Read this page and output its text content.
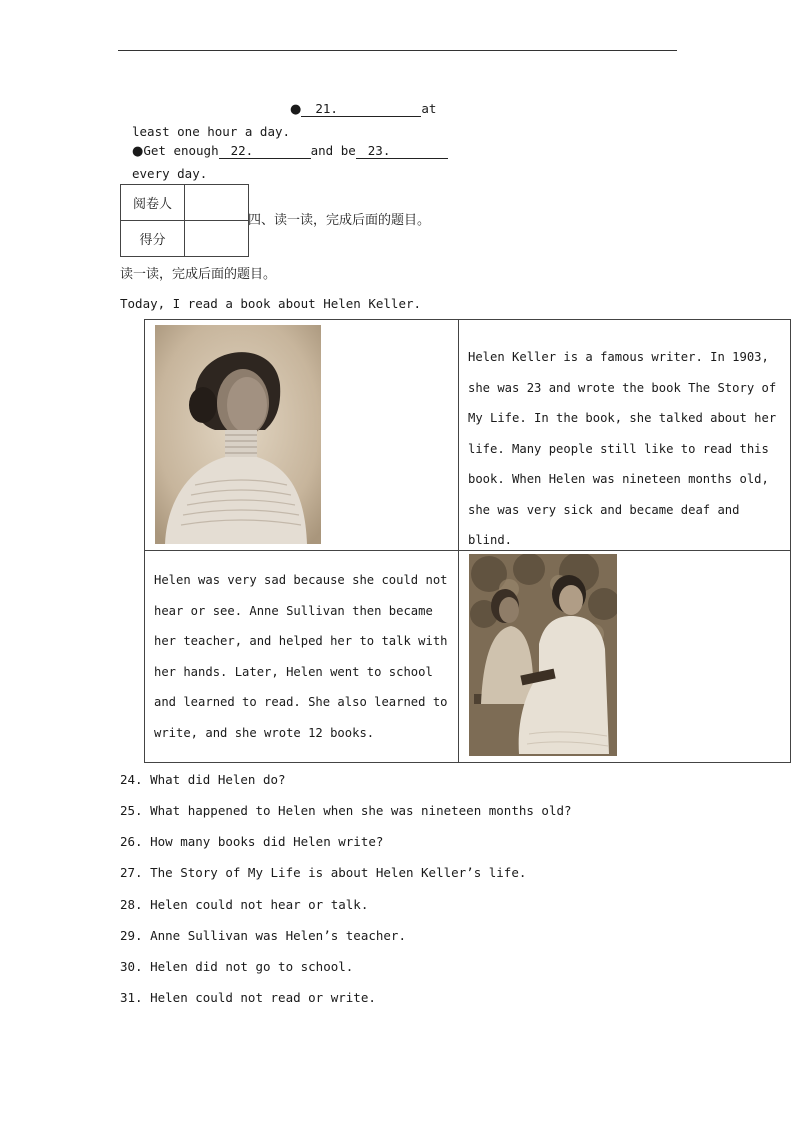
● 21.	at
least one hour a day.
●Get enough 22.	and be 23.
every day.
阅卷人	
得分	
四、读一读，完成后面的题目。
读一读，完成后面的题目。
Today, I read a book about Helen Keller.

Helen Keller is a famous writer. In 1903, she was 23 and wrote the book The Story of My Life. In the book, she talked about her life. Many people still like to read this book. When Helen was nineteen months old, she was very sick and became deaf and blind.

Helen was very sad because she could not hear or see. Anne Sullivan then became her teacher, and helped her to talk with her hands. Later, Helen went to school and learned to read. She also learned to write, and she wrote 12 books.

24. What did Helen do?
25. What happened to Helen when she was nineteen months old?
26. How many books did Helen write?
27. The Story of My Life is about Helen Keller’s life.
28. Helen could not hear or talk.
29. Anne Sullivan was Helen’s teacher.
30. Helen did not go to school.
31. Helen could not read or write.
